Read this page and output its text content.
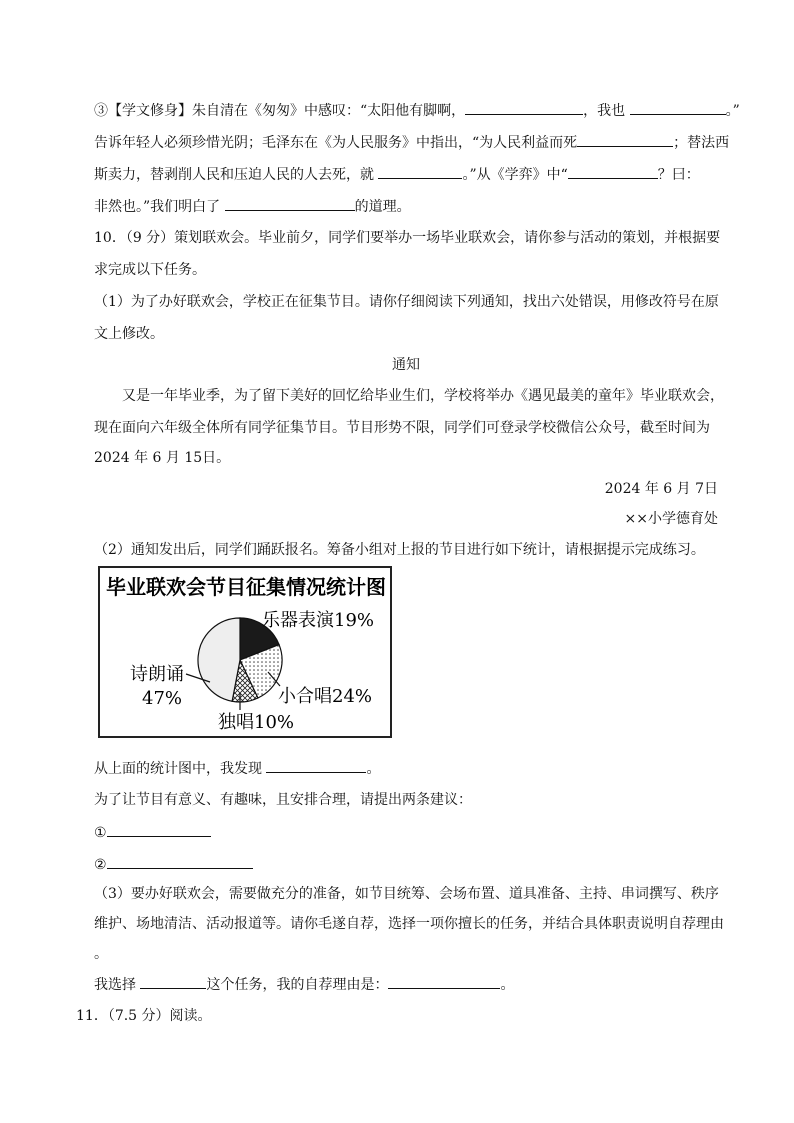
③【学文修身】朱自清在《匆匆》中感叹：“太阳他有脚啊，	，我也	。”
告诉年轻人必须珍惜光阴；毛泽东在《为人民服务》中指出，“为人民利益而死	；替法西
斯卖力，替剥削人民和压迫人民的人去死，就	。”从《学弈》中“	？曰：
非然也。”我们明白了	的道理。
10．（9 分）策划联欢会。毕业前夕，同学们要举办一场毕业联欢会，请你参与活动的策划，并根据要
求完成以下任务。
（1）为了办好联欢会，学校正在征集节目。请你仔细阅读下列通知，找出六处错误，用修改符号在原
文上修改。
通知
又是一年毕业季，为了留下美好的回忆给毕业生们，学校将举办《遇见最美的童年》毕业联欢会，
现在面向六年级全体所有同学征集节目。节目形势不限，同学们可登录学校微信公众号，截至时间为
2024 年 6 月 15日。
2024 年 6 月 7日
××小学德育处
（2）通知发出后，同学们踊跃报名。筹备小组对上报的节目进行如下统计，请根据提示完成练习。
毕业联欢会节目征集情况统计图
乐器表演19%
小合唱24%
独唱10%
诗朗诵
47%
从上面的统计图中，我发现	。
为了让节目有意义、有趣味，且安排合理，请提出两条建议：
①
②
（3）要办好联欢会，需要做充分的准备，如节目统筹、会场布置、道具准备、主持、串词撰写、秩序
维护、场地清洁、活动报道等。请你毛遂自荐，选择一项你擅长的任务，并结合具体职责说明自荐理由
。
我选择	这个任务，我的自荐理由是：	。
11．（7.5 分）阅读。
